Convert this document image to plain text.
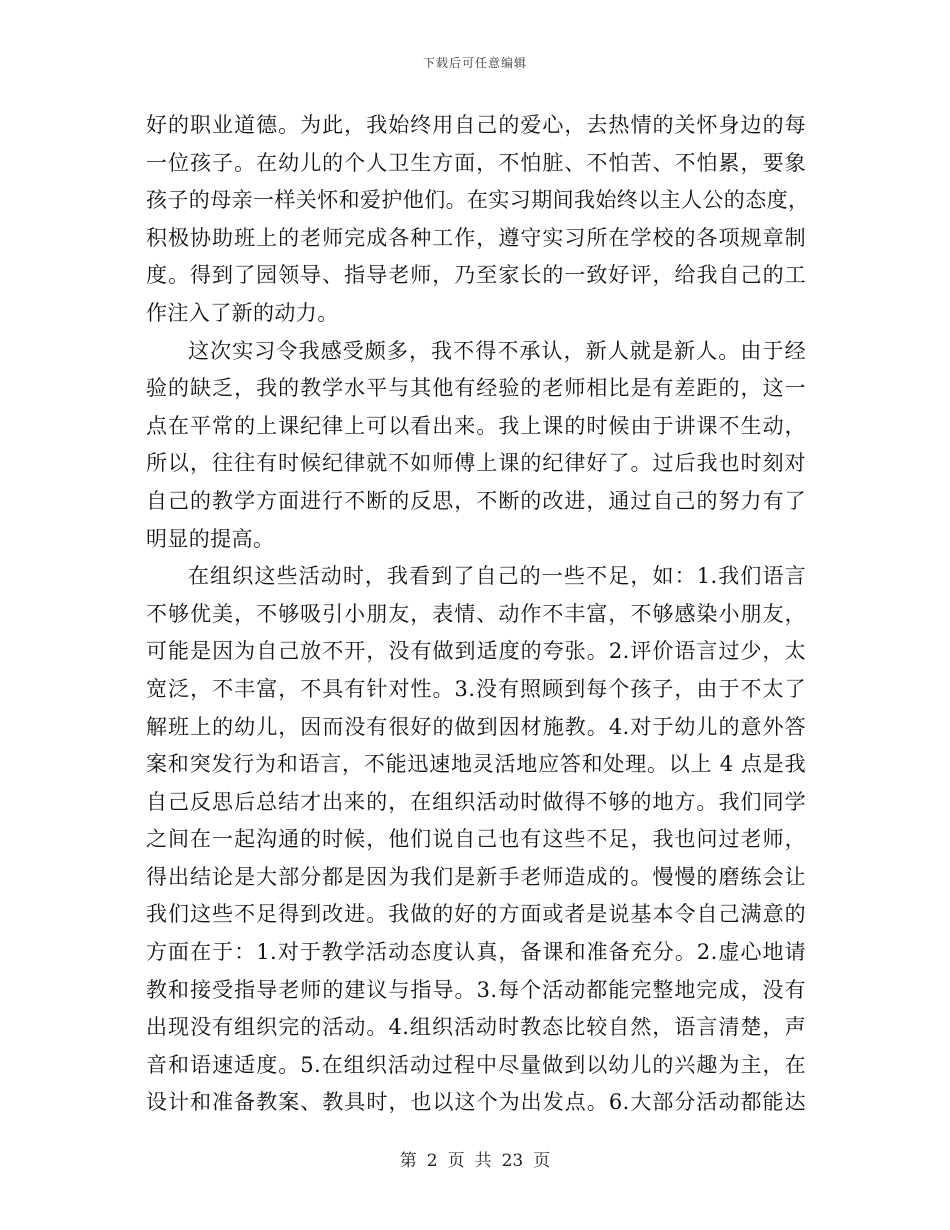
下载后可任意编辑
好的职业道德。为此，我始终用自己的爱心，去热情的关怀身边的每
一位孩子。在幼儿的个人卫生方面，不怕脏、不怕苦、不怕累，要象
孩子的母亲一样关怀和爱护他们。在实习期间我始终以主人公的态度，
积极协助班上的老师完成各种工作，遵守实习所在学校的各项规章制
度。得到了园领导、指导老师，乃至家长的一致好评，给我自己的工
作注入了新的动力。
这次实习令我感受颇多，我不得不承认，新人就是新人。由于经
验的缺乏，我的教学水平与其他有经验的老师相比是有差距的，这一
点在平常的上课纪律上可以看出来。我上课的时候由于讲课不生动，
所以，往往有时候纪律就不如师傅上课的纪律好了。过后我也时刻对
自己的教学方面进行不断的反思，不断的改进，通过自己的努力有了
明显的提高。
在组织这些活动时，我看到了自己的一些不足，如：1.我们语言
不够优美，不够吸引小朋友，表情、动作不丰富，不够感染小朋友，
可能是因为自己放不开，没有做到适度的夸张。2.评价语言过少，太
宽泛，不丰富，不具有针对性。3.没有照顾到每个孩子，由于不太了
解班上的幼儿，因而没有很好的做到因材施教。4.对于幼儿的意外答
案和突发行为和语言，不能迅速地灵活地应答和处理。以上 4 点是我
自己反思后总结才出来的，在组织活动时做得不够的地方。我们同学
之间在一起沟通的时候，他们说自己也有这些不足，我也问过老师，
得出结论是大部分都是因为我们是新手老师造成的。慢慢的磨练会让
我们这些不足得到改进。我做的好的方面或者是说基本令自己满意的
方面在于：1.对于教学活动态度认真，备课和准备充分。2.虚心地请
教和接受指导老师的建议与指导。3.每个活动都能完整地完成，没有
出现没有组织完的活动。4.组织活动时教态比较自然，语言清楚，声
音和语速适度。5.在组织活动过程中尽量做到以幼儿的兴趣为主，在
设计和准备教案、教具时，也以这个为出发点。6.大部分活动都能达
第 2 页 共 23 页
